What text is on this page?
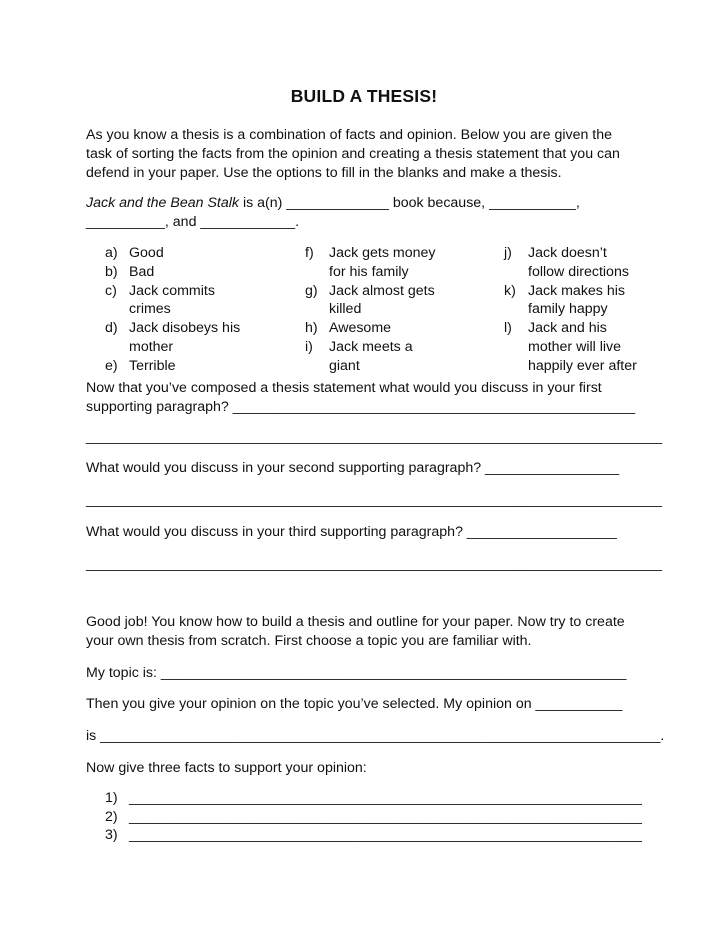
BUILD A THESIS!
As you know a thesis is a combination of facts and opinion. Below you are given the
task of sorting the facts from the opinion and creating a thesis statement that you can
defend in your paper. Use the options to fill in the blanks and make a thesis.
Jack and the Bean Stalk is a(n) _____________ book because, ___________,
__________, and ____________.
a) Good
b) Bad
c) Jack commits
crimes
d) Jack disobeys his
mother
e) Terrible
f) Jack gets money
for his family
g) Jack almost gets
killed
h) Awesome
i) Jack meets a
giant
j) Jack doesn’t
follow directions
k) Jack makes his
family happy
l) Jack and his
mother will live
happily ever after
Now that you’ve composed a thesis statement what would you discuss in your first
supporting paragraph? ___________________________________________________
_________________________________________________________________________
What would you discuss in your second supporting paragraph? _________________
_________________________________________________________________________
What would you discuss in your third supporting paragraph? ___________________
_________________________________________________________________________
Good job! You know how to build a thesis and outline for your paper. Now try to create
your own thesis from scratch. First choose a topic you are familiar with.
My topic is: ___________________________________________________________
Then you give your opinion on the topic you’ve selected. My opinion on ___________
is _______________________________________________________________________.
Now give three facts to support your opinion:
1) _________________________________________________________________
2) _________________________________________________________________
3) _________________________________________________________________
